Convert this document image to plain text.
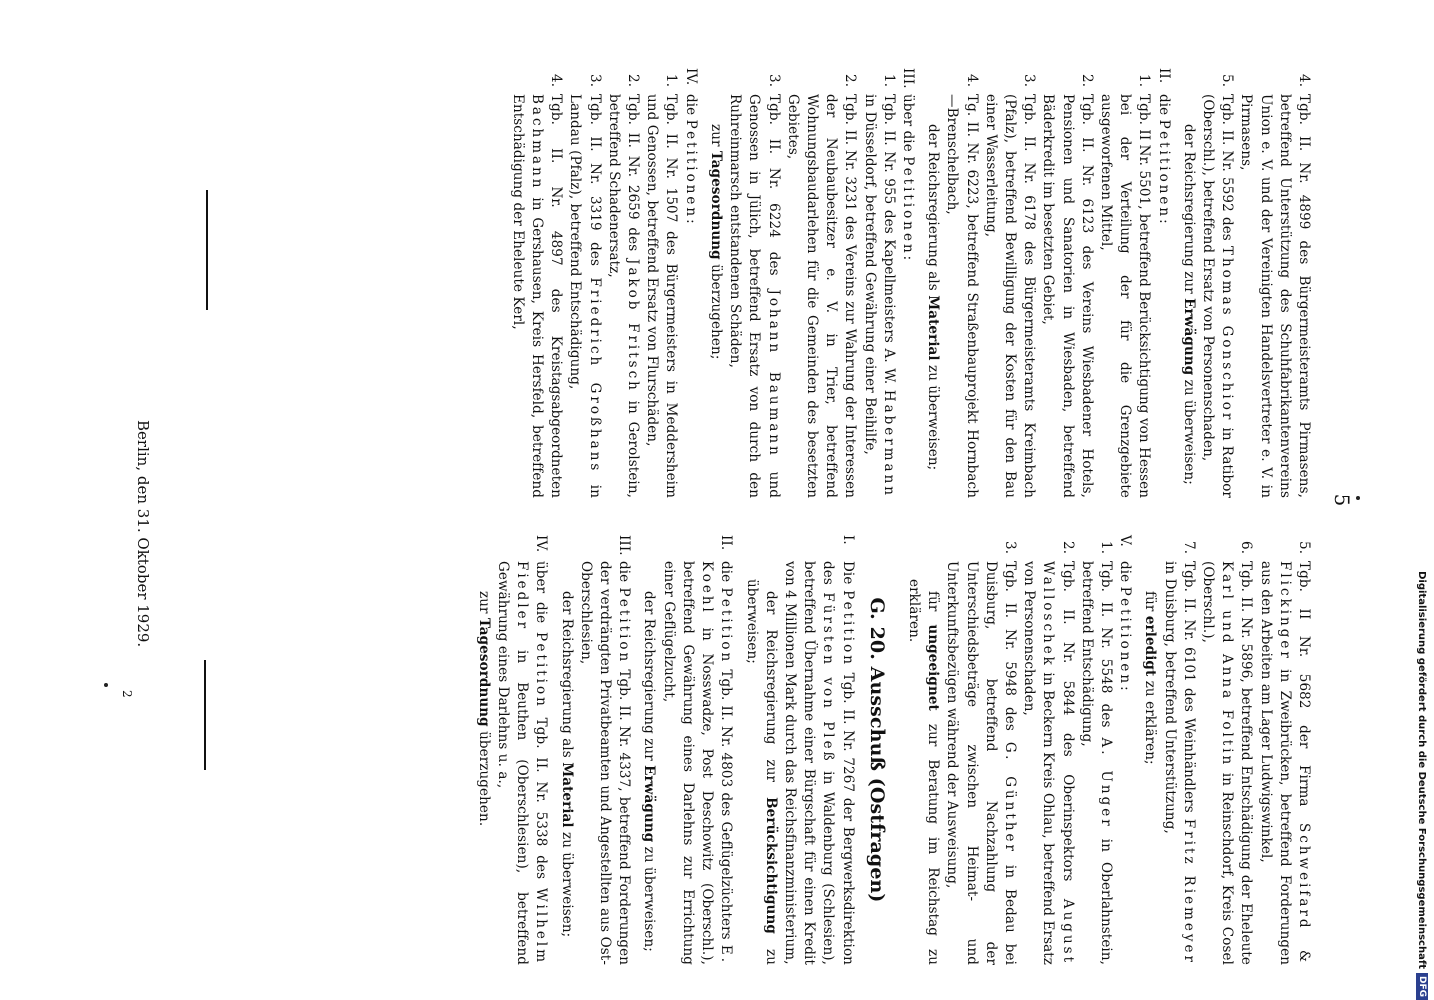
5
4.
Tgb. II. Nr. 4899 des Bürgermeisteramts Pirmasens, betreffend Unterstützung des Schuhfabrikantenvereins Union e. V. und der Vereinigten Handelsvertreter e. V. in Pirmasens,
5.
Tgb. II. Nr. 5592 des Thomas Gonschior in Ratibor (Oberschl.), betreffend Ersatz von Personenschaden,
der Reichsregierung zur Erwägung zu überweisen;
II.
die Petitionen:
1.
Tgb. II Nr. 5501, betreffend Berücksichtigung von Hessen bei der Verteilung der für die Grenzgebiete ausgeworfenen Mittel,
2.
Tgb. II. Nr. 6123 des Vereins Wiesbadener Hotels, Pensionen und Sanatorien in Wiesbaden, betreffend Bäderkredit im besetzten Gebiet,
3.
Tgb. II. Nr. 6178 des Bürgermeisteramts Kreimbach (Pfalz), betreffend Bewilligung der Kosten für den Bau einer Wasserleitung,
4.
Tg. II. Nr. 6223, betreffend Straßenbauprojekt Hornbach—Brenschelbach,
der Reichsregierung als Material zu überweisen;
III.
über die Petitionen:
1.
Tgb. II. Nr. 955 des Kapellmeisters A. W. Habermann in Düsseldorf, betreffend Gewährung einer Beihilfe,
2.
Tgb. II. Nr. 3231 des Vereins zur Wahrung der Interessen der Neubaubesitzer e. V. in Trier, betreffend Wohnungsbaudarlehen für die Gemeinden des besetzten Gebietes,
3.
Tgb. II. Nr. 6224 des Johann Baumann und Genossen in Jülich, betreffend Ersatz von durch den Ruhreinmarsch entstandenen Schäden,
zur Tagesordnung überzugehen;
IV.
die Petitionen:
1.
Tgb. II. Nr. 1507 des Bürgermeisters in Meddersheim und Genossen, betreffend Ersatz von Flurschäden,
2.
Tgb. II. Nr. 2659 des Jakob Fritsch in Gerolstein, betreffend Schadenersatz,
3.
Tgb. II. Nr. 3319 des Friedrich Großhans in Landau (Pfalz), betreffend Entschädigung,
4.
Tgb. II. Nr. 4897 des Kreistagsabgeordneten Bachmann in Gershausen, Kreis Hersfeld, betreffend Entschädigung der Eheleute Kerl,
5.
Tgb. II Nr. 5682 der Firma Schweifard & Flickinger in Zweibrücken, betreffend Forderungen aus den Arbeiten am Lager Ludwigswinkel,
6.
Tgb. II. Nr. 5896, betreffend Entschädigung der Eheleute Karl und Anna Foltin in Reinschdorf, Kreis Cosel (Oberschl.),
7.
Tgb. II. Nr. 6101 des Weinhändlers Fritz Riemeyer in Duisburg, betreffend Unterstützung,
für erledigt zu erklären;
V.
die Petitionen:
1.
Tgb. II. Nr. 5548 des A. Unger in Oberlahnstein, betreffend Entschädigung,
2.
Tgb. II. Nr. 5844 des Oberinspektors August Walloschek in Beckern Kreis Ohlau, betreffend Ersatz von Personenschaden,
3.
Tgb. II. Nr. 5948 des G. Günther in Bedau bei Duisburg, betreffend Nachzahlung der Unterschiedsbeträge zwischen Heimat- und Unterkunftsbezügen während der Ausweisung,
für ungeeignet zur Beratung im Reichstag zu erklären.
G. 20. Ausschuß (Ostfragen)
I.
Die Petition Tgb. II. Nr. 7267 der Bergwerksdirektion des Fürsten von Pleß in Waldenburg (Schlesien), betreffend Übernahme einer Bürgschaft für einen Kredit von 4 Millionen Mark durch das Reichsfinanzministerium,
der Reichsregierung zur Berücksichtigung zu überweisen;
II.
die Petition Tgb. II. Nr. 4803 des Geflügelzüchters E. Koehl in Nosswadze, Post Deschowitz (Oberschl.), betreffend Gewährung eines Darlehns zur Errichtung einer Geflügelzucht,
der Reichsregierung zur Erwägung zu überweisen;
III.
die Petition Tgb. II. Nr. 4337, betreffend Forderungen der verdrängten Privatbeamten und Angestellten aus Ost-Oberschlesien,
der Reichsregierung als Material zu überweisen;
IV.
über die Petition Tgb. II. Nr. 5338 des Wilhelm Fiedler in Beuthen (Oberschlesien), betreffend Gewährung eines Darlehns u. a.,
zur Tagesordnung überzugehen.
Berlin, den 31. Oktober 1929.
2	Digitalisierung gefördert durch die Deutsche Forschungsgemeinschaft
DFG
